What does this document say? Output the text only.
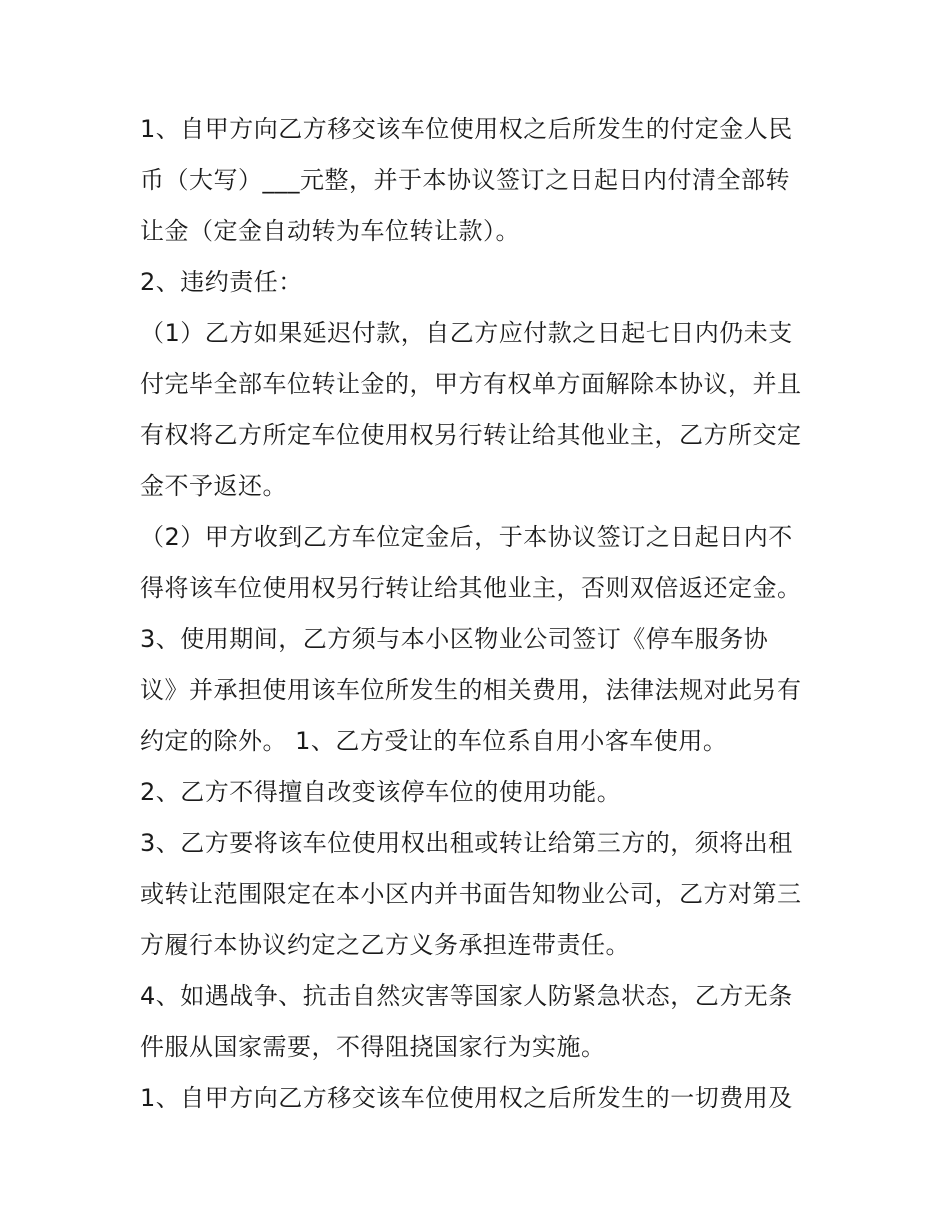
1、自甲方向乙方移交该车位使用权之后所发生的付定金人民
币（大写）___元整，并于本协议签订之日起日内付清全部转
让金（定金自动转为车位转让款）。
2、违约责任：
（1）乙方如果延迟付款，自乙方应付款之日起七日内仍未支
付完毕全部车位转让金的，甲方有权单方面解除本协议，并且
有权将乙方所定车位使用权另行转让给其他业主，乙方所交定
金不予返还。
（2）甲方收到乙方车位定金后，于本协议签订之日起日内不
得将该车位使用权另行转让给其他业主，否则双倍返还定金。
3、使用期间，乙方须与本小区物业公司签订《停车服务协
议》并承担使用该车位所发生的相关费用，法律法规对此另有
约定的除外。 1、乙方受让的车位系自用小客车使用。
2、乙方不得擅自改变该停车位的使用功能。
3、乙方要将该车位使用权出租或转让给第三方的，须将出租
或转让范围限定在本小区内并书面告知物业公司，乙方对第三
方履行本协议约定之乙方义务承担连带责任。
4、如遇战争、抗击自然灾害等国家人防紧急状态，乙方无条
件服从国家需要，不得阻挠国家行为实施。
1、自甲方向乙方移交该车位使用权之后所发生的一切费用及
